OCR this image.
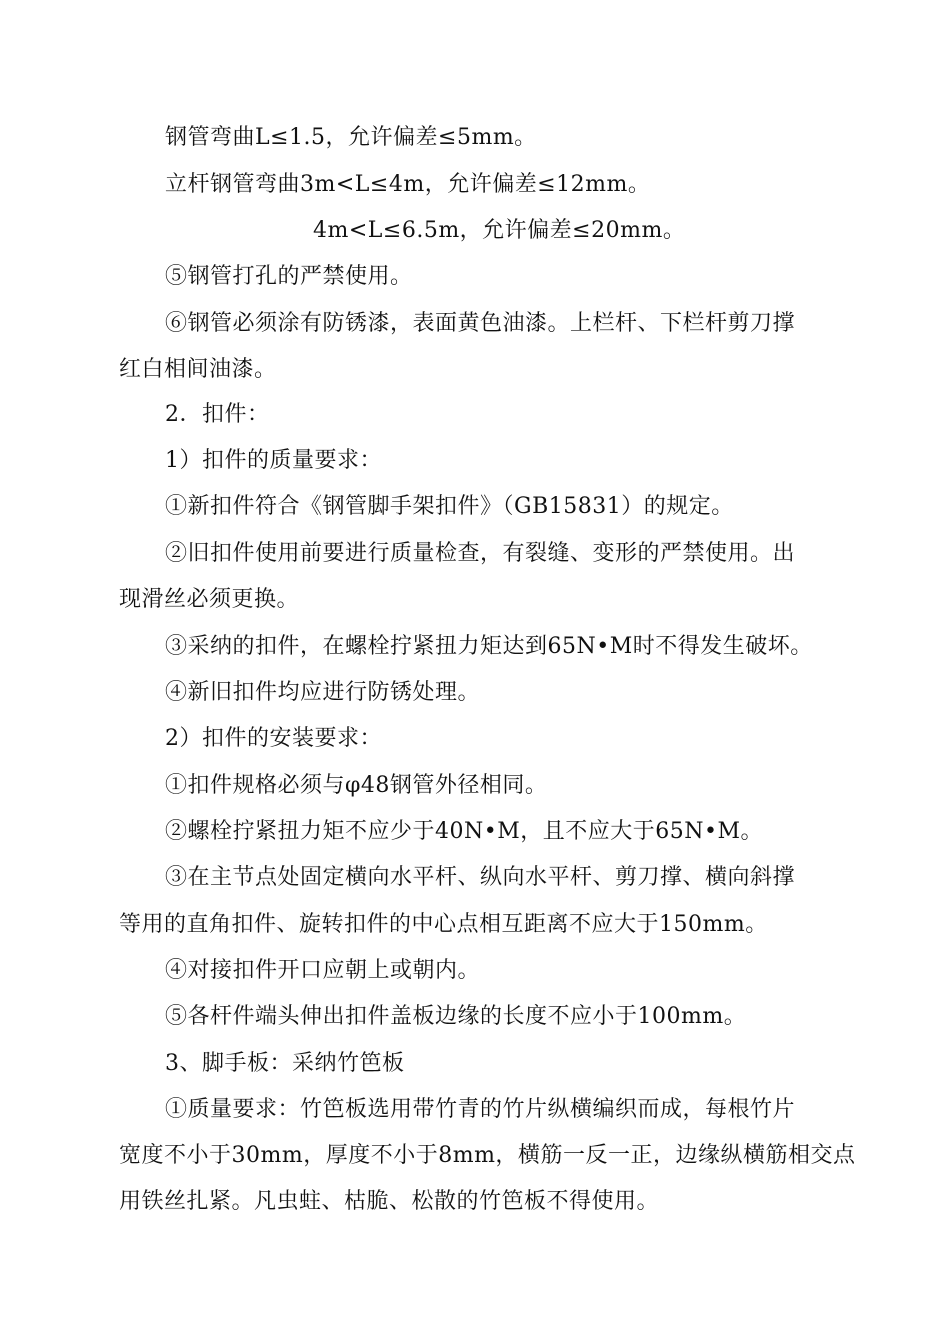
钢管弯曲L≤1.5，允许偏差≤5mm。
立杆钢管弯曲3m<L≤4m，允许偏差≤12mm。
4m<L≤6.5m，允许偏差≤20mm。
⑤钢管打孔的严禁使用。
⑥钢管必须涂有防锈漆，表面黄色油漆。上栏杆、下栏杆剪刀撑
红白相间油漆。
2．扣件：
1）扣件的质量要求：
①新扣件符合《钢管脚手架扣件》（GB15831）的规定。
②旧扣件使用前要进行质量检查，有裂缝、变形的严禁使用。出
现滑丝必须更换。
③采纳的扣件，在螺栓拧紧扭力矩达到65N•M时不得发生破坏。
④新旧扣件均应进行防锈处理。
2）扣件的安装要求：
①扣件规格必须与φ48钢管外径相同。
②螺栓拧紧扭力矩不应少于40N•M，且不应大于65N•M。
③在主节点处固定横向水平杆、纵向水平杆、剪刀撑、横向斜撑
等用的直角扣件、旋转扣件的中心点相互距离不应大于150mm。
④对接扣件开口应朝上或朝内。
⑤各杆件端头伸出扣件盖板边缘的长度不应小于100mm。
3、脚手板：采纳竹笆板
①质量要求：竹笆板选用带竹青的竹片纵横编织而成，每根竹片
宽度不小于30mm，厚度不小于8mm，横筋一反一正，边缘纵横筋相交点
用铁丝扎紧。凡虫蛀、枯脆、松散的竹笆板不得使用。
